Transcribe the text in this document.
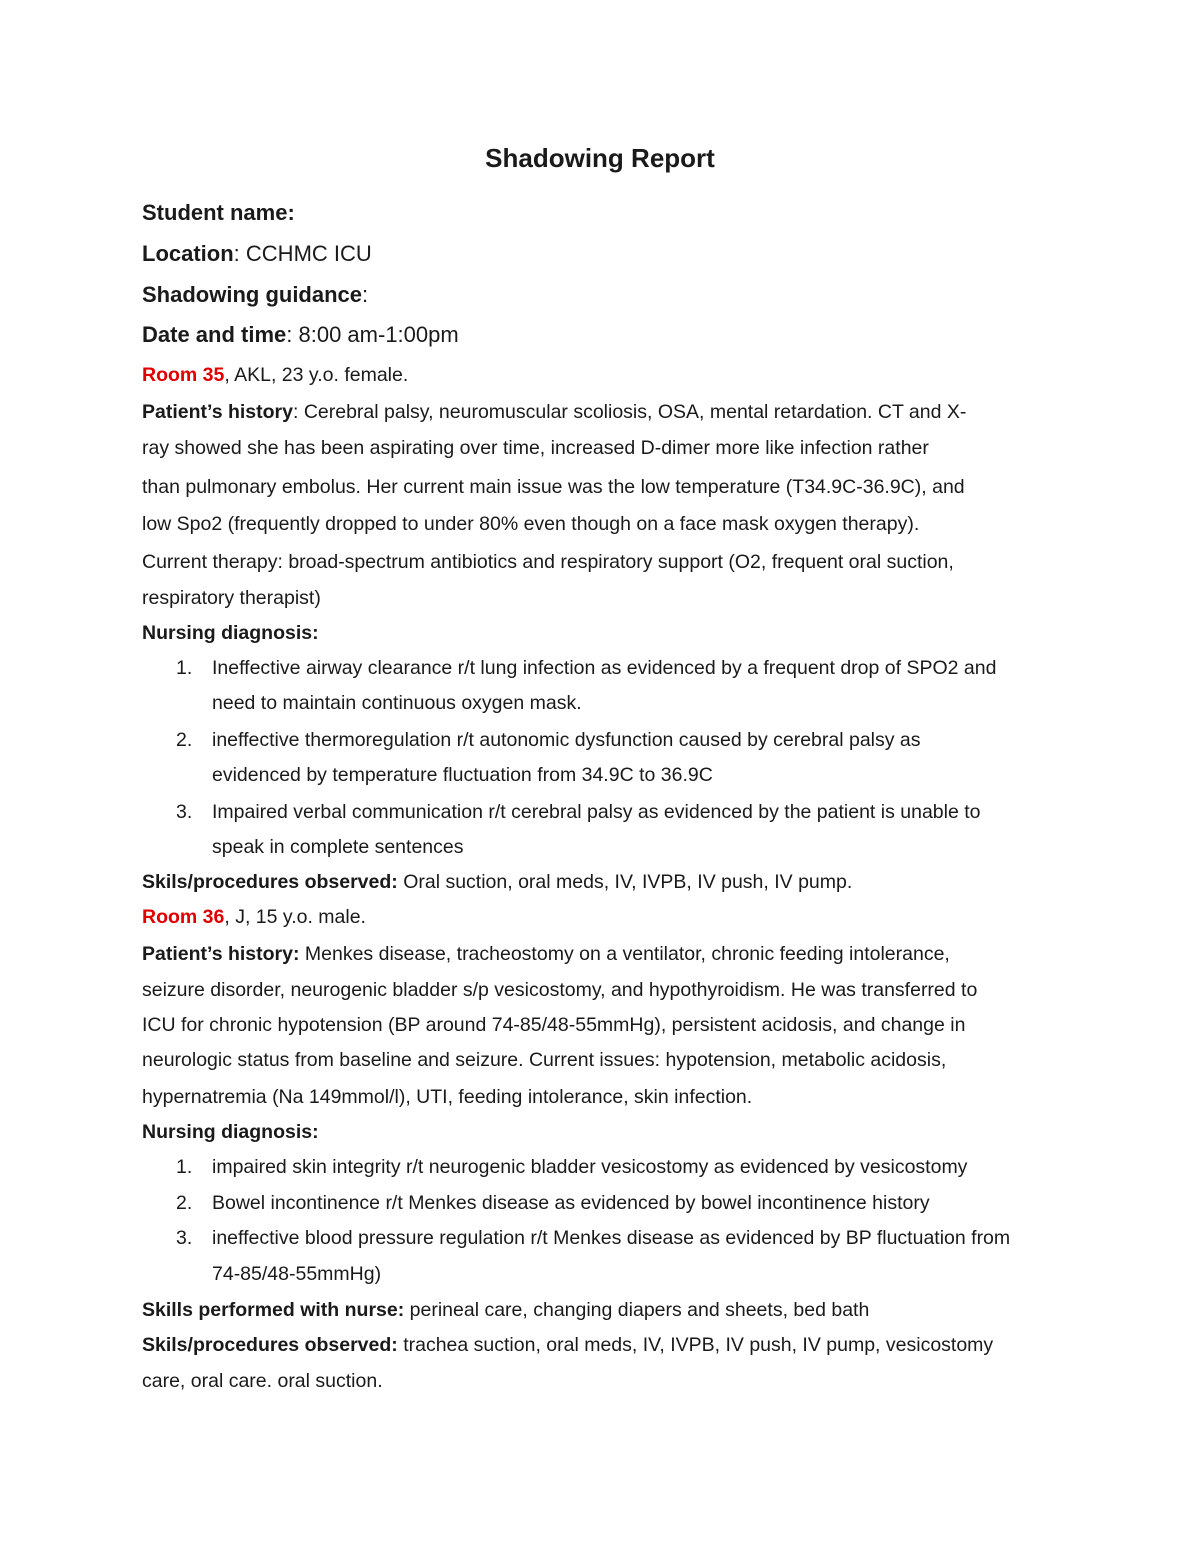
Shadowing Report
Student name:
Location: CCHMC ICU
Shadowing guidance:
Date and time: 8:00 am-1:00pm
Room 35, AKL, 23 y.o. female.
Patient’s history: Cerebral palsy, neuromuscular scoliosis, OSA, mental retardation. CT and X-
ray showed she has been aspirating over time, increased D-dimer more like infection rather
than pulmonary embolus. Her current main issue was the low temperature (T34.9C-36.9C), and
low Spo2 (frequently dropped to under 80% even though on a face mask oxygen therapy).
Current therapy: broad-spectrum antibiotics and respiratory support (O2, frequent oral suction,
respiratory therapist)
Nursing diagnosis:
1. Ineffective airway clearance r/t lung infection as evidenced by a frequent drop of SPO2 and
need to maintain continuous oxygen mask.
2. ineffective thermoregulation r/t autonomic dysfunction caused by cerebral palsy as
evidenced by temperature fluctuation from 34.9C to 36.9C
3. Impaired verbal communication r/t cerebral palsy as evidenced by the patient is unable to
speak in complete sentences
Skils/procedures observed: Oral suction, oral meds, IV, IVPB, IV push, IV pump.
Room 36, J, 15 y.o. male.
Patient’s history: Menkes disease, tracheostomy on a ventilator, chronic feeding intolerance,
seizure disorder, neurogenic bladder s/p vesicostomy, and hypothyroidism. He was transferred to
ICU for chronic hypotension (BP around 74-85/48-55mmHg), persistent acidosis, and change in
neurologic status from baseline and seizure. Current issues: hypotension, metabolic acidosis,
hypernatremia (Na 149mmol/l), UTI, feeding intolerance, skin infection.
Nursing diagnosis:
1. impaired skin integrity r/t neurogenic bladder vesicostomy as evidenced by vesicostomy
2. Bowel incontinence r/t Menkes disease as evidenced by bowel incontinence history
3. ineffective blood pressure regulation r/t Menkes disease as evidenced by BP fluctuation from
74-85/48-55mmHg)
Skills performed with nurse: perineal care, changing diapers and sheets, bed bath
Skils/procedures observed: trachea suction, oral meds, IV, IVPB, IV push, IV pump, vesicostomy
care, oral care. oral suction.
